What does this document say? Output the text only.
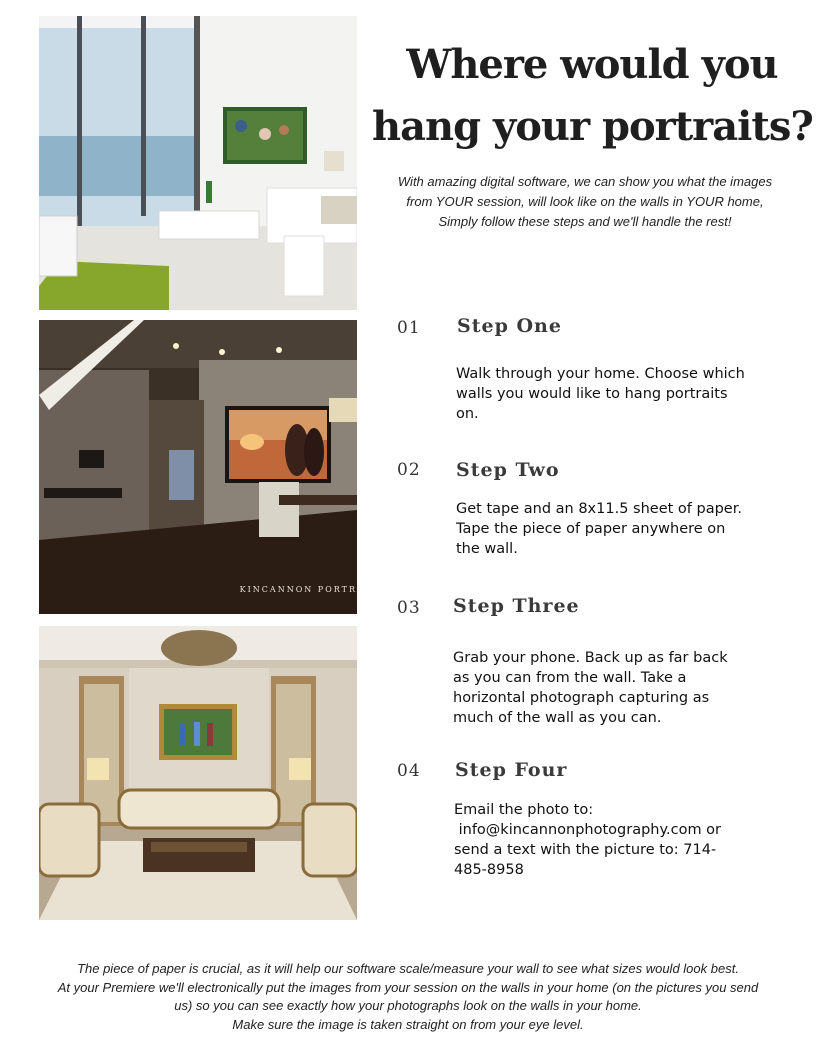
KINCANNON PORTR
Where would you
hang your portraits?

With amazing digital software, we can show you what the images
from YOUR session, will look like on the walls in YOUR home,
Simply follow these steps and we'll handle the rest!

01 Step One

Walk through your home. Choose which
walls you would like to hang portraits
on.

02 Step Two

Get tape and an 8x11.5 sheet of paper.
Tape the piece of paper anywhere on
the wall.

03 Step Three

Grab your phone. Back up as far back
as you can from the wall. Take a
horizontal photograph capturing as
much of the wall as you can.

04 Step Four

Email the photo to:
info@kincannonphotography.com or
send a text with the picture to: 714-
485-8958

The piece of paper is crucial, as it will help our software scale/measure your wall to see what sizes would look best.

At your Premiere we'll electronically put the images from your session on the walls in your home (on the pictures you send

us) so you can see exactly how your photographs look on the walls in your home.

Make sure the image is taken straight on from your eye level.
